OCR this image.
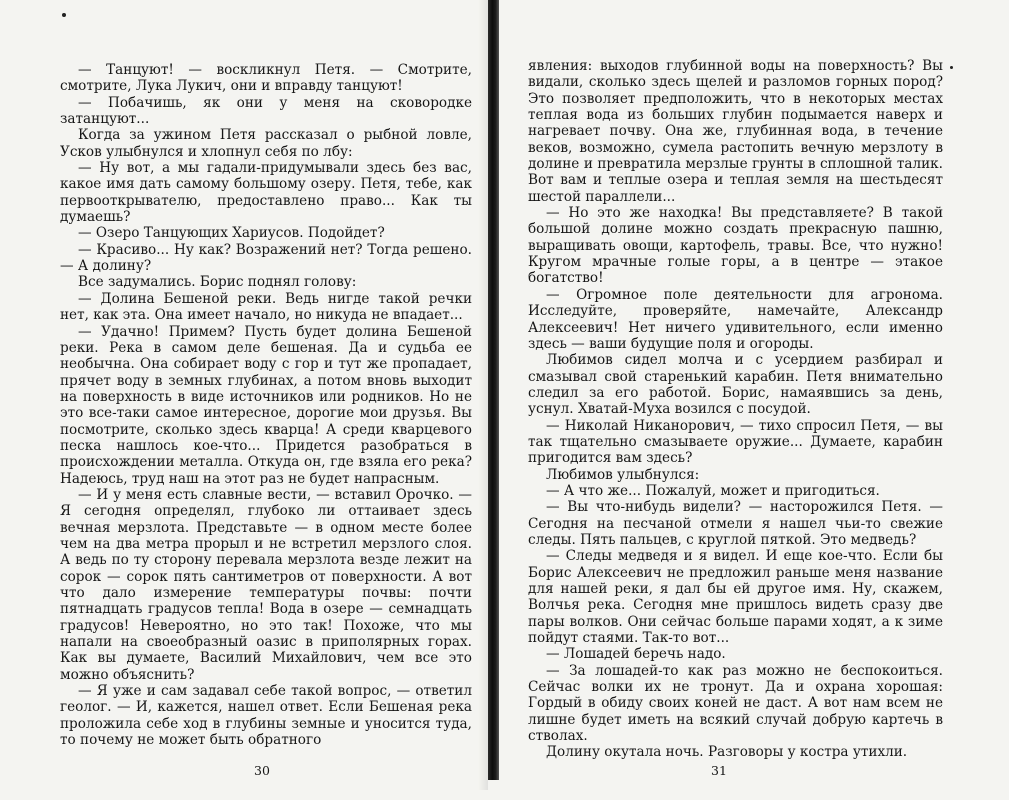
— Танцуют! — воскликнул Петя. — Смотрите, смотрите, Лука Лукич, они и вправду танцуют!

— Побачишь, як они у меня на сковородке затанцуют...

Когда за ужином Петя рассказал о рыбной ловле, Усков улыбнулся и хлопнул себя по лбу:

— Ну вот, а мы гадали-придумывали здесь без вас, какое имя дать самому большому озеру. Петя, тебе, как первооткрывателю, предоставлено право... Как ты думаешь?

— Озеро Танцующих Хариусов. Подойдет?

— Красиво... Ну как? Возражений нет? Тогда решено. — А долину?

Все задумались. Борис поднял голову:

— Долина Бешеной реки. Ведь нигде такой речки нет, как эта. Она имеет начало, но никуда не впадает...

— Удачно! Примем? Пусть будет долина Бешеной реки. Река в самом деле бешеная. Да и судьба ее необычна. Она собирает воду с гор и тут же пропадает, прячет воду в земных глубинах, а потом вновь выходит на поверхность в виде источников или родников. Но не это все-таки самое интересное, дорогие мои друзья. Вы посмотрите, сколько здесь кварца! А среди кварцевого песка нашлось кое-что... Придется разобраться в происхождении металла. Откуда он, где взяла его река? Надеюсь, труд наш на этот раз не будет напрасным.

— И у меня есть славные вести, — вставил Орочко. — Я сегодня определял, глубоко ли оттаивает здесь вечная мерзлота. Представьте — в одном месте более чем на два метра прорыл и не встретил мерзлого слоя. А ведь по ту сторону перевала мерзлота везде лежит на сорок — сорок пять сантиметров от поверхности. А вот что дало измерение температуры почвы: почти пятнадцать градусов тепла! Вода в озере — семнадцать градусов! Невероятно, но это так! Похоже, что мы напали на своеобразный оазис в приполярных горах. Как вы думаете, Василий Михайлович, чем все это можно объяснить?

— Я уже и сам задавал себе такой вопрос, — ответил геолог. — И, кажется, нашел ответ. Если Бешеная река проложила себе ход в глубины земные и уносится туда, то почему не может быть обратного

явления: выходов глубинной воды на поверхность? Вы видали, сколько здесь щелей и разломов горных пород? Это позволяет предположить, что в некоторых местах теплая вода из больших глубин подымается наверх и нагревает почву. Она же, глубинная вода, в течение веков, возможно, сумела растопить вечную мерзлоту в долине и превратила мерзлые грунты в сплошной талик. Вот вам и теплые озера и теплая земля на шестьдесят шестой параллели...

— Но это же находка! Вы представляете? В такой большой долине можно создать прекрасную пашню, выращивать овощи, картофель, травы. Все, что нужно! Кругом мрачные голые горы, а в центре — этакое богатство!

— Огромное поле деятельности для агронома. Исследуйте, проверяйте, намечайте, Александр Алексеевич! Нет ничего удивительного, если именно здесь — ваши будущие поля и огороды.

Любимов сидел молча и с усердием разбирал и смазывал свой старенький карабин. Петя внимательно следил за его работой. Борис, намаявшись за день, уснул. Хватай-Муха возился с посудой.

— Николай Никанорович, — тихо спросил Петя, — вы так тщательно смазываете оружие... Думаете, карабин пригодится вам здесь?

Любимов улыбнулся:

— А что же... Пожалуй, может и пригодиться.

— Вы что-нибудь видели? — насторожился Петя. — Сегодня на песчаной отмели я нашел чьи-то свежие следы. Пять пальцев, с круглой пяткой. Это медведь?

— Следы медведя и я видел. И еще кое-что. Если бы Борис Алексеевич не предложил раньше меня название для нашей реки, я дал бы ей другое имя. Ну, скажем, Волчья река. Сегодня мне пришлось видеть сразу две пары волков. Они сейчас больше парами ходят, а к зиме пойдут стаями. Так-то вот...

— Лошадей беречь надо.

— За лошадей-то как раз можно не беспокоиться. Сейчас волки их не тронут. Да и охрана хорошая: Гордый в обиду своих коней не даст. А вот нам всем не лишне будет иметь на всякий случай добрую картечь в стволах.

Долину окутала ночь. Разговоры у костра утихли.

30	31
